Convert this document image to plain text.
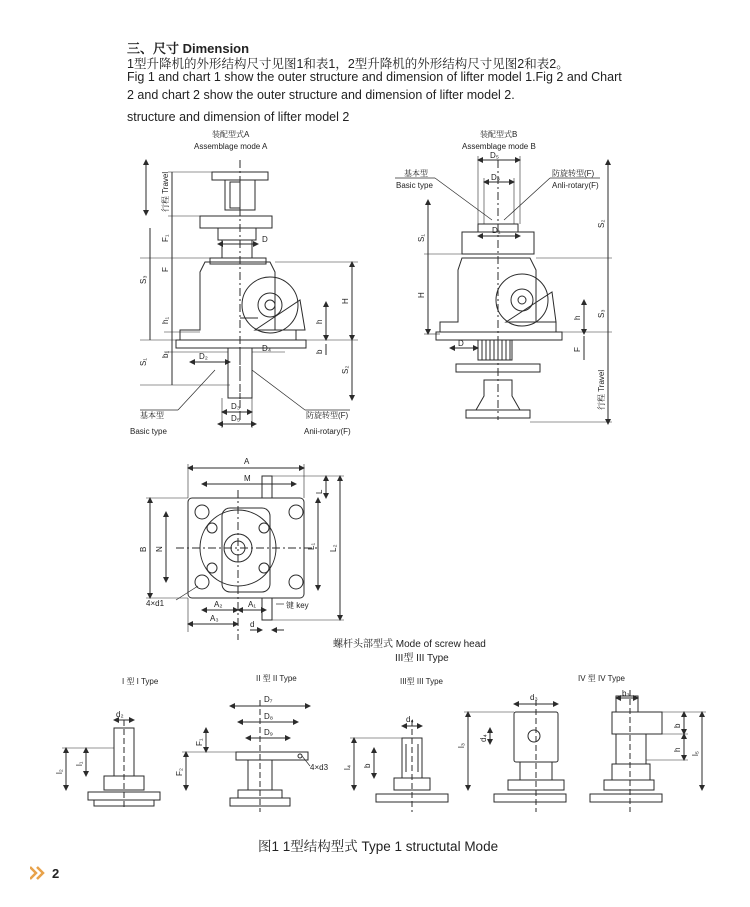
三、尺寸 Dimension
1型升降机的外形结构尺寸见图1和表1，2型升降机的外形结构尺寸见图2和表2。
Fig 1 and chart 1 show the outer structure and dimension of lifter model 1.Fig 2 and Chart
2 and chart 2 show the outer structure and dimension of lifter model 2.
structure and dimension of lifter model 2
装配型式A
Assemblage mode A
行程 Travel
F₁
F
S₃
h₁
b₁
S₁
H
h
b
S₂
D
D₂
D₄
D₃
D₅
基本型
Basic type
防旋转型(F)
Anii-rotary(F)
装配型式B
Assemblage mode B
D₅
D₃
D₁
基本型
Basic type
防旋转型(F)
Anli-rotary(F)
S₁
S₂
H
h
F
D
S₃
行程 Travel
A
M
L
B N	L₁ L₂
4×d1	A₂	A₁
A₃
d
键 key
螺杆头部型式 Mode of screw head
III型 III Type
I 型 I Type	II 型 II Type	III型 III Type	IV 型 IV Type
d₂
l₂
l₁
D₇
D₈
D₉
F₁
F₂	4×d3
d₄
l₄ b
d₃
d₄
l₃
b₃
b
h
l₅
图1 1型结构型式 Type 1 structutal Mode
2
